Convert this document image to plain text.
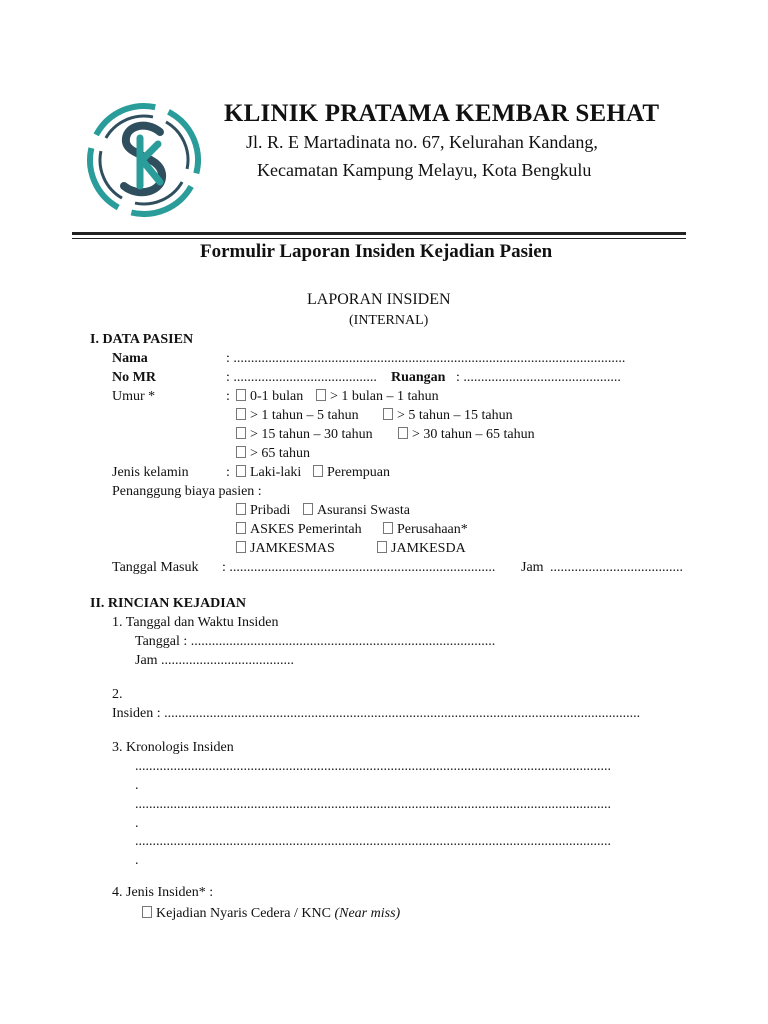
KLINIK PRATAMA KEMBAR SEHAT
Jl. R. E Martadinata no. 67, Kelurahan Kandang,
Kecamatan Kampung Melayu, Kota Bengkulu
Formulir Laporan Insiden Kejadian Pasien
LAPORAN INSIDEN
(INTERNAL)
I. DATA PASIEN
Nama	: ................................................................................................................
No MR	: ......................................... Ruangan : .............................................
Umur *	:	0-1 bulan	> 1 bulan – 1 tahun
> 1 tahun – 5 tahun	> 5 tahun – 15 tahun
> 15 tahun – 30 tahun	> 30 tahun – 65 tahun
> 65 tahun
Jenis kelamin	:	Laki-laki	Perempuan
Penanggung biaya pasien :
Pribadi	Asuransi Swasta
ASKES Pemerintah	Perusahaan*
JAMKESMAS	JAMKESDA
Tanggal Masuk : ............................................................................ Jam ......................................
II. RINCIAN KEJADIAN
1. Tanggal dan Waktu Insiden
Tanggal : .......................................................................................
Jam ......................................
2.
Insiden : ........................................................................................................................................
3. Kronologis Insiden
........................................................................................................................................
.
........................................................................................................................................
.
........................................................................................................................................
.
4. Jenis Insiden* :
Kejadian Nyaris Cedera / KNC (Near miss)
